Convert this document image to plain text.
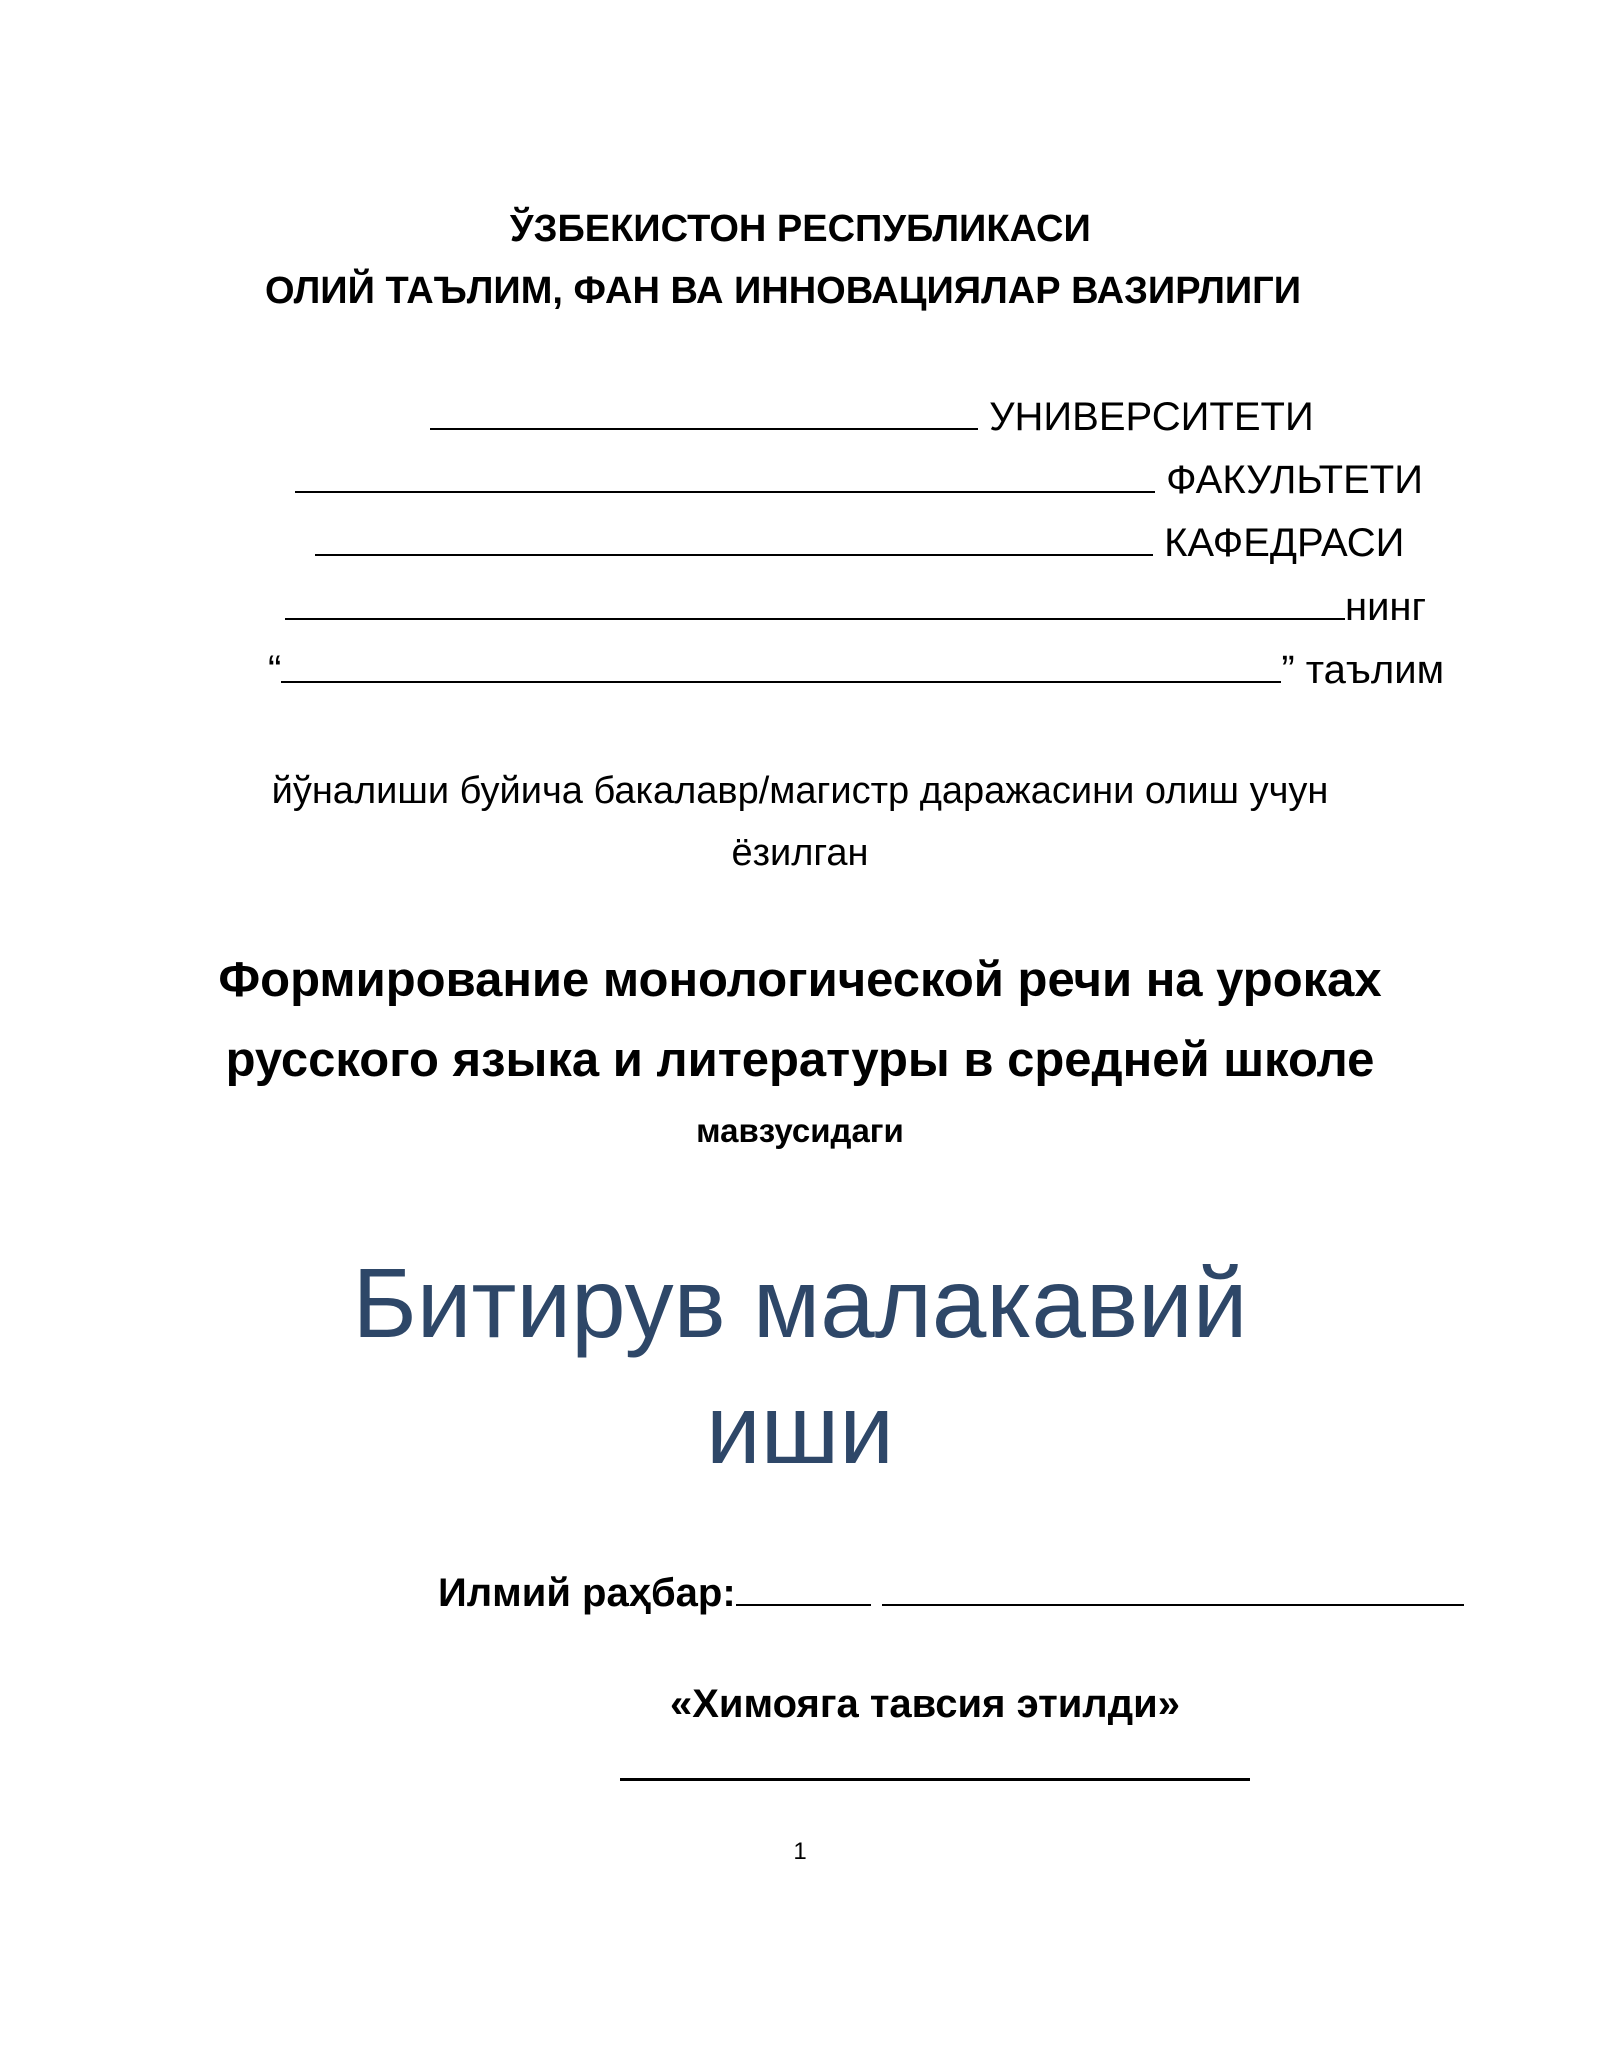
ЎЗБЕКИСТОН РЕСПУБЛИКАСИ
ОЛИЙ ТАЪЛИМ, ФАН ВА ИННОВАЦИЯЛАР ВАЗИРЛИГИ
УНИВЕРСИТЕТИ
ФАКУЛЬТЕТИ
КАФЕДРАСИ
нинг
“	” таълим
йўналиши буйича бакалавр/магистр даражасини олиш учун
ёзилган
Формирование монологической речи на уроках
русского языка и литературы в средней школе
мавзусидаги
Битирув малакавий
иши
Илмий раҳбар:
«Химояга тавсия этилди»
1
